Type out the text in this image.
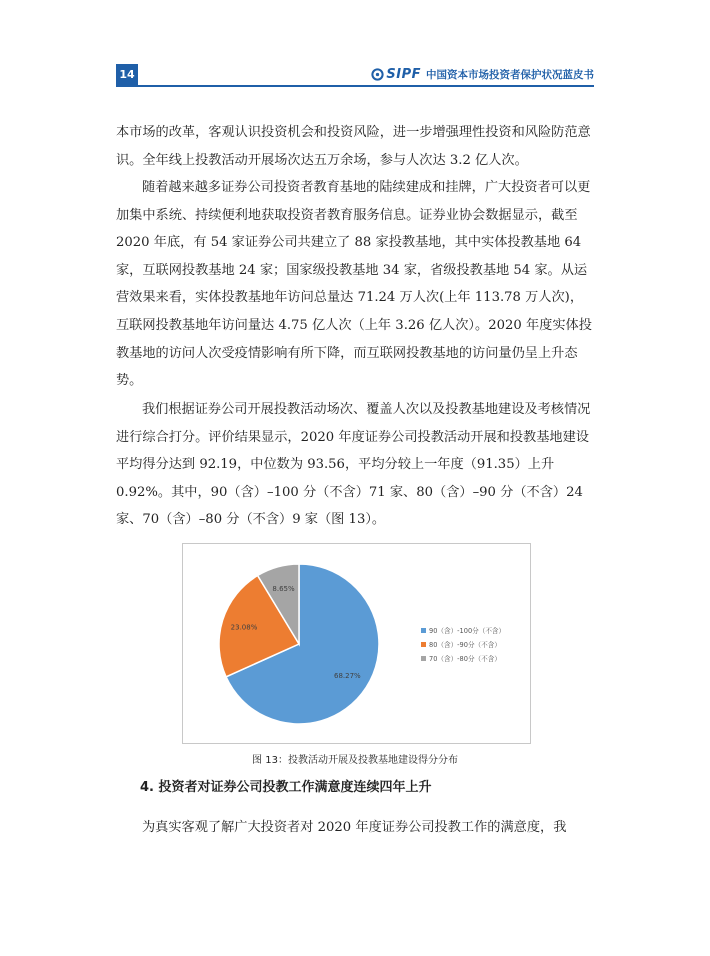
14	SIPF 中国资本市场投资者保护状况蓝皮书

本市场的改革，客观认识投资机会和投资风险，进一步增强理性投资和风险防范意识。全年线上投教活动开展场次达五万余场，参与人次达 3.2 亿人次。

随着越来越多证券公司投资者教育基地的陆续建成和挂牌，广大投资者可以更加集中系统、持续便利地获取投资者教育服务信息。证券业协会数据显示，截至 2020 年底，有 54 家证券公司共建立了 88 家投教基地，其中实体投教基地 64 家，互联网投教基地 24 家；国家级投教基地 34 家，省级投教基地 54 家。从运营效果来看，实体投教基地年访问总量达 71.24 万人次(上年 113.78 万人次)，互联网投教基地年访问量达 4.75 亿人次（上年 3.26 亿人次）。2020 年度实体投教基地的访问人次受疫情影响有所下降，而互联网投教基地的访问量仍呈上升态势。

我们根据证券公司开展投教活动场次、覆盖人次以及投教基地建设及考核情况进行综合打分。评价结果显示，2020 年度证券公司投教活动开展和投教基地建设平均得分达到 92.19，中位数为 93.56，平均分较上一年度（91.35）上升 0.92%。其中，90（含）–100 分（不含）71 家、80（含）–90 分（不含）24 家、70（含）–80 分（不含）9 家（图 13）。

68.27%
23.08%
8.65%
90（含）-100分（不含）
80（含）-90分（不含）
70（含）-80分（不含）

图 13：投教活动开展及投教基地建设得分分布

4. 投资者对证券公司投教工作满意度连续四年上升

为真实客观了解广大投资者对 2020 年度证券公司投教工作的满意度，我
